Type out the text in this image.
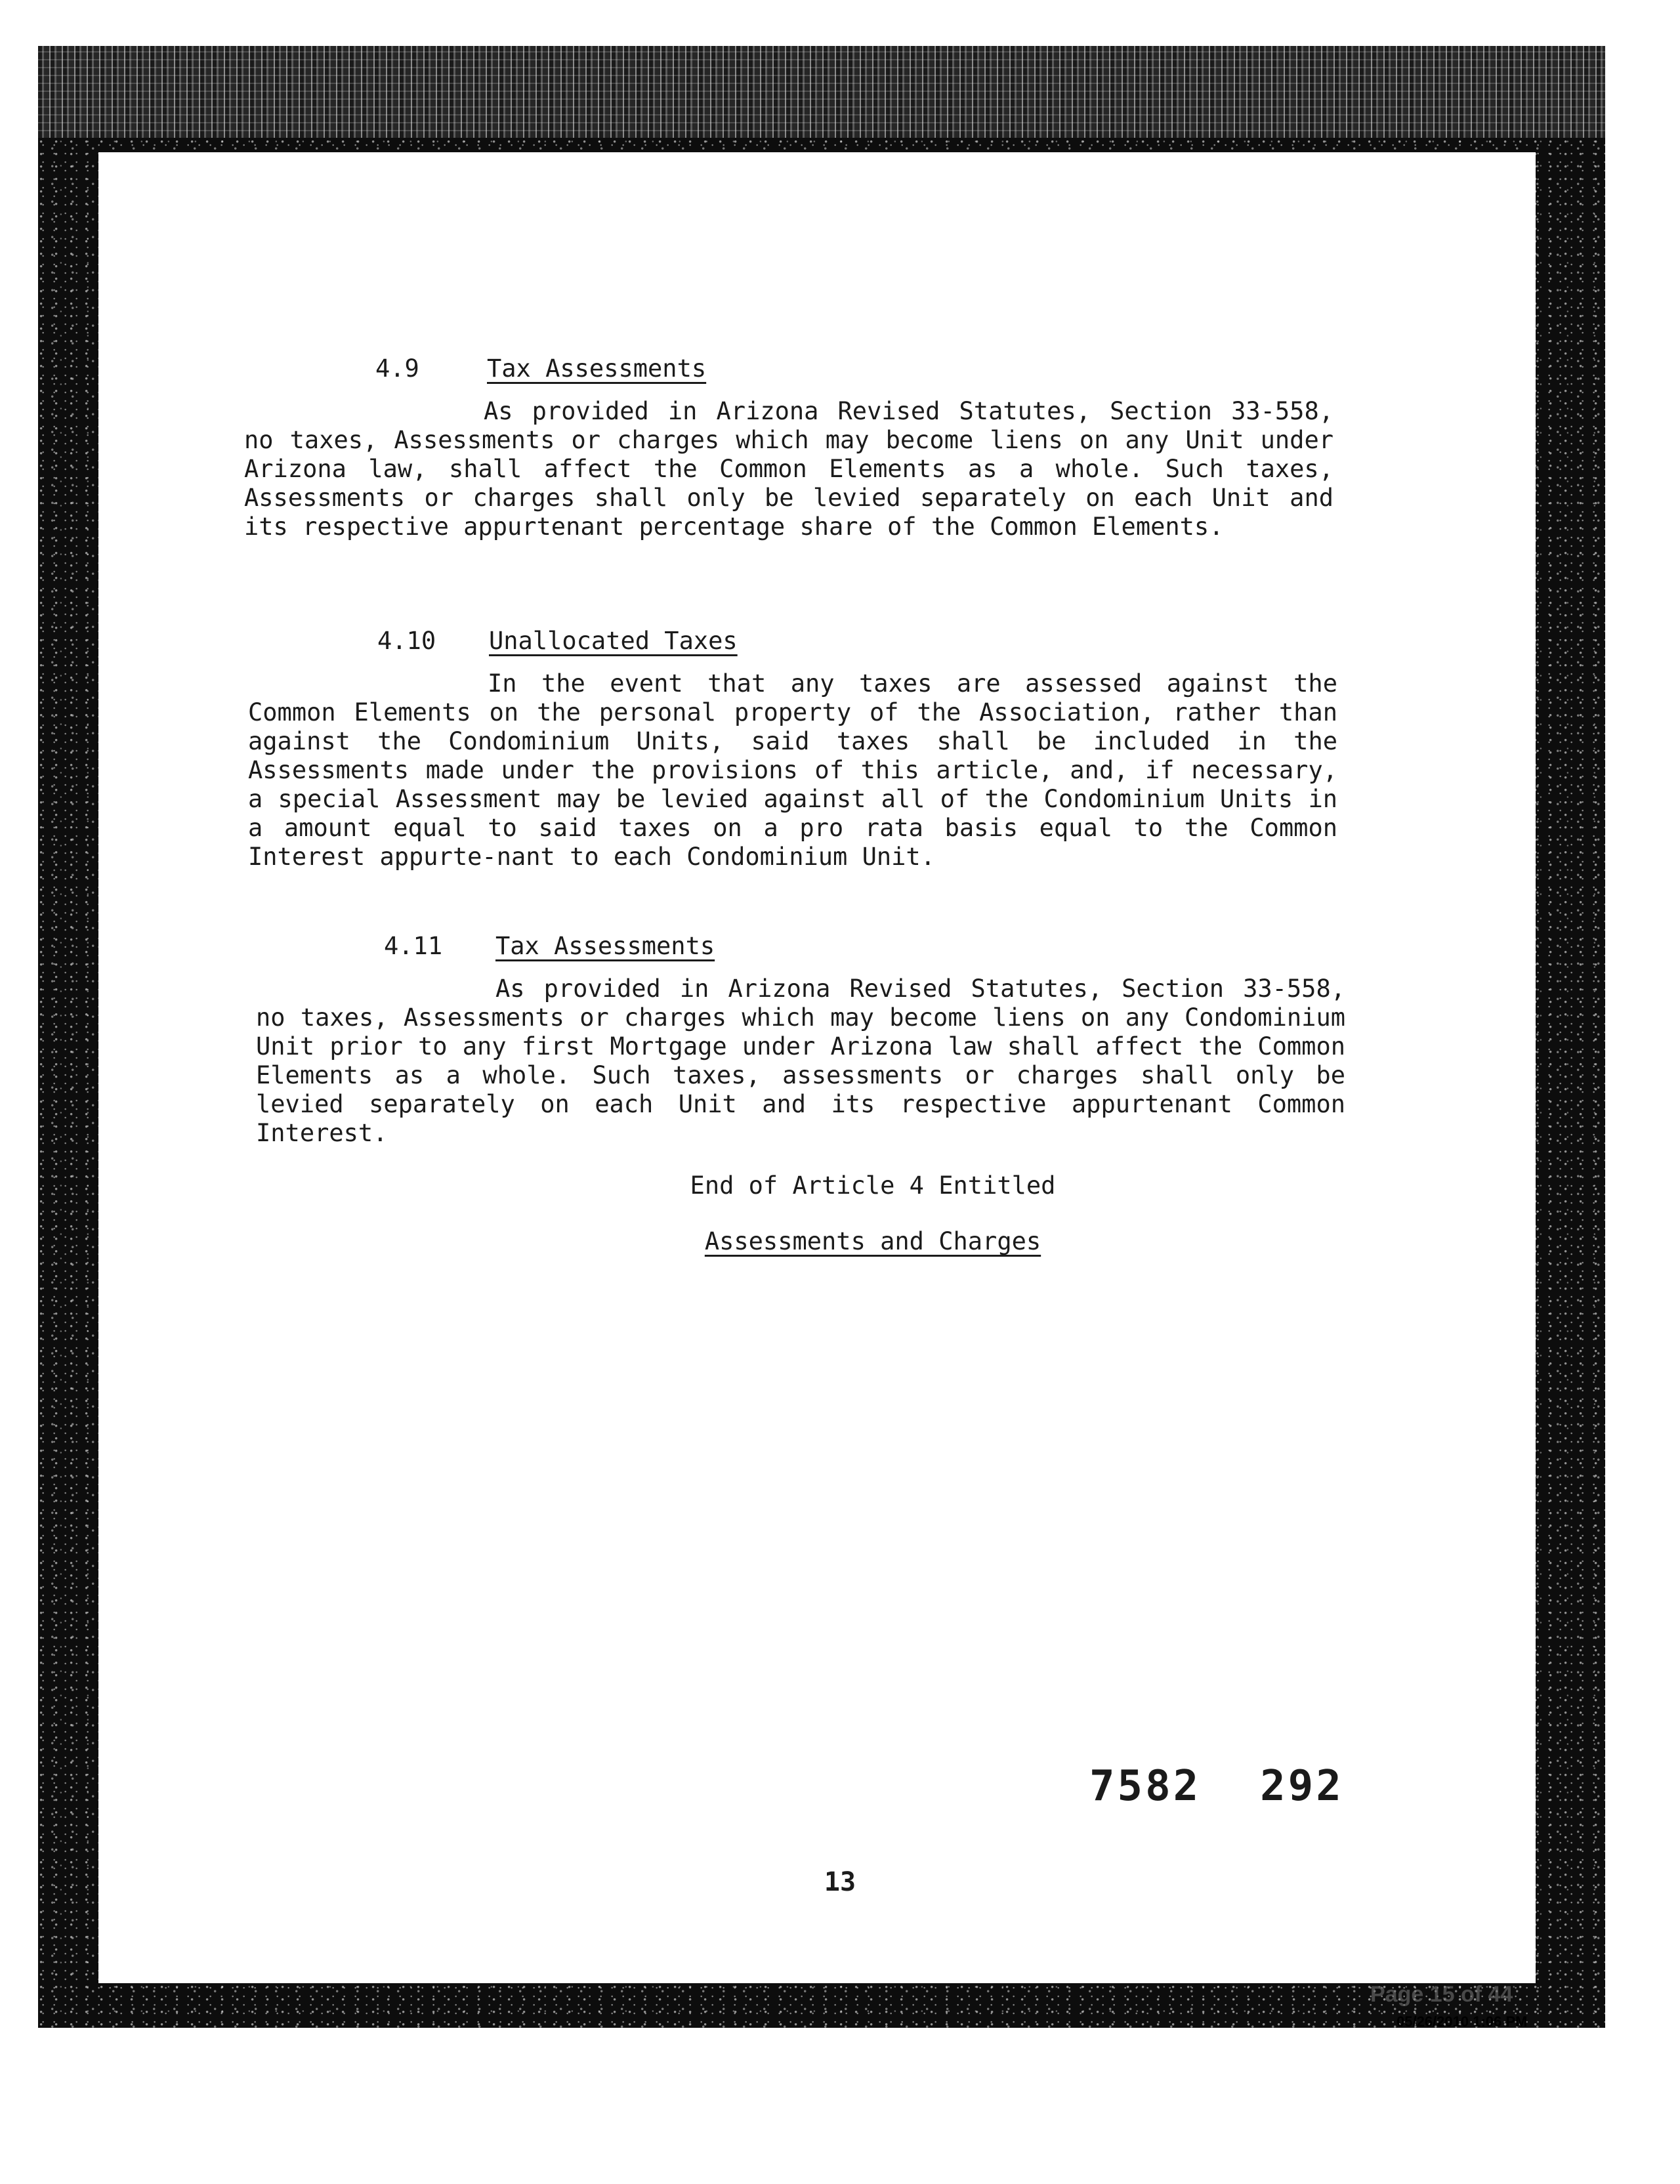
4.9	Tax Assessments
As provided in Arizona Revised Statutes, Section 33-558, no taxes, Assessments or charges which may become liens on any Unit under Arizona law, shall affect the Common Elements as a whole. Such taxes, Assessments or charges shall only be levied separately on each Unit and its respective appurtenant percentage share of the Common Elements.
4.10	Unallocated Taxes
In the event that any taxes are assessed against the Common Elements on the personal property of the Association, rather than against the Condominium Units, said taxes shall be included in the Assessments made under the provisions of this article, and, if necessary, a special Assessment may be levied against all of the Condominium Units in a amount equal to said taxes on a pro rata basis equal to the Common Interest appurte-nant to each Condominium Unit.
4.11	Tax Assessments
As provided in Arizona Revised Statutes, Section 33-558, no taxes, Assessments or charges which may become liens on any Condominium Unit prior to any first Mortgage under Arizona law shall affect the Common Elements as a whole. Such taxes, assessments or charges shall only be levied separately on each Unit and its respective appurtenant Common Interest.
End of Article 4 Entitled
Assessments and Charges
7582 292
13
Page 15 of 44
05/26/2010 1:06 PM
